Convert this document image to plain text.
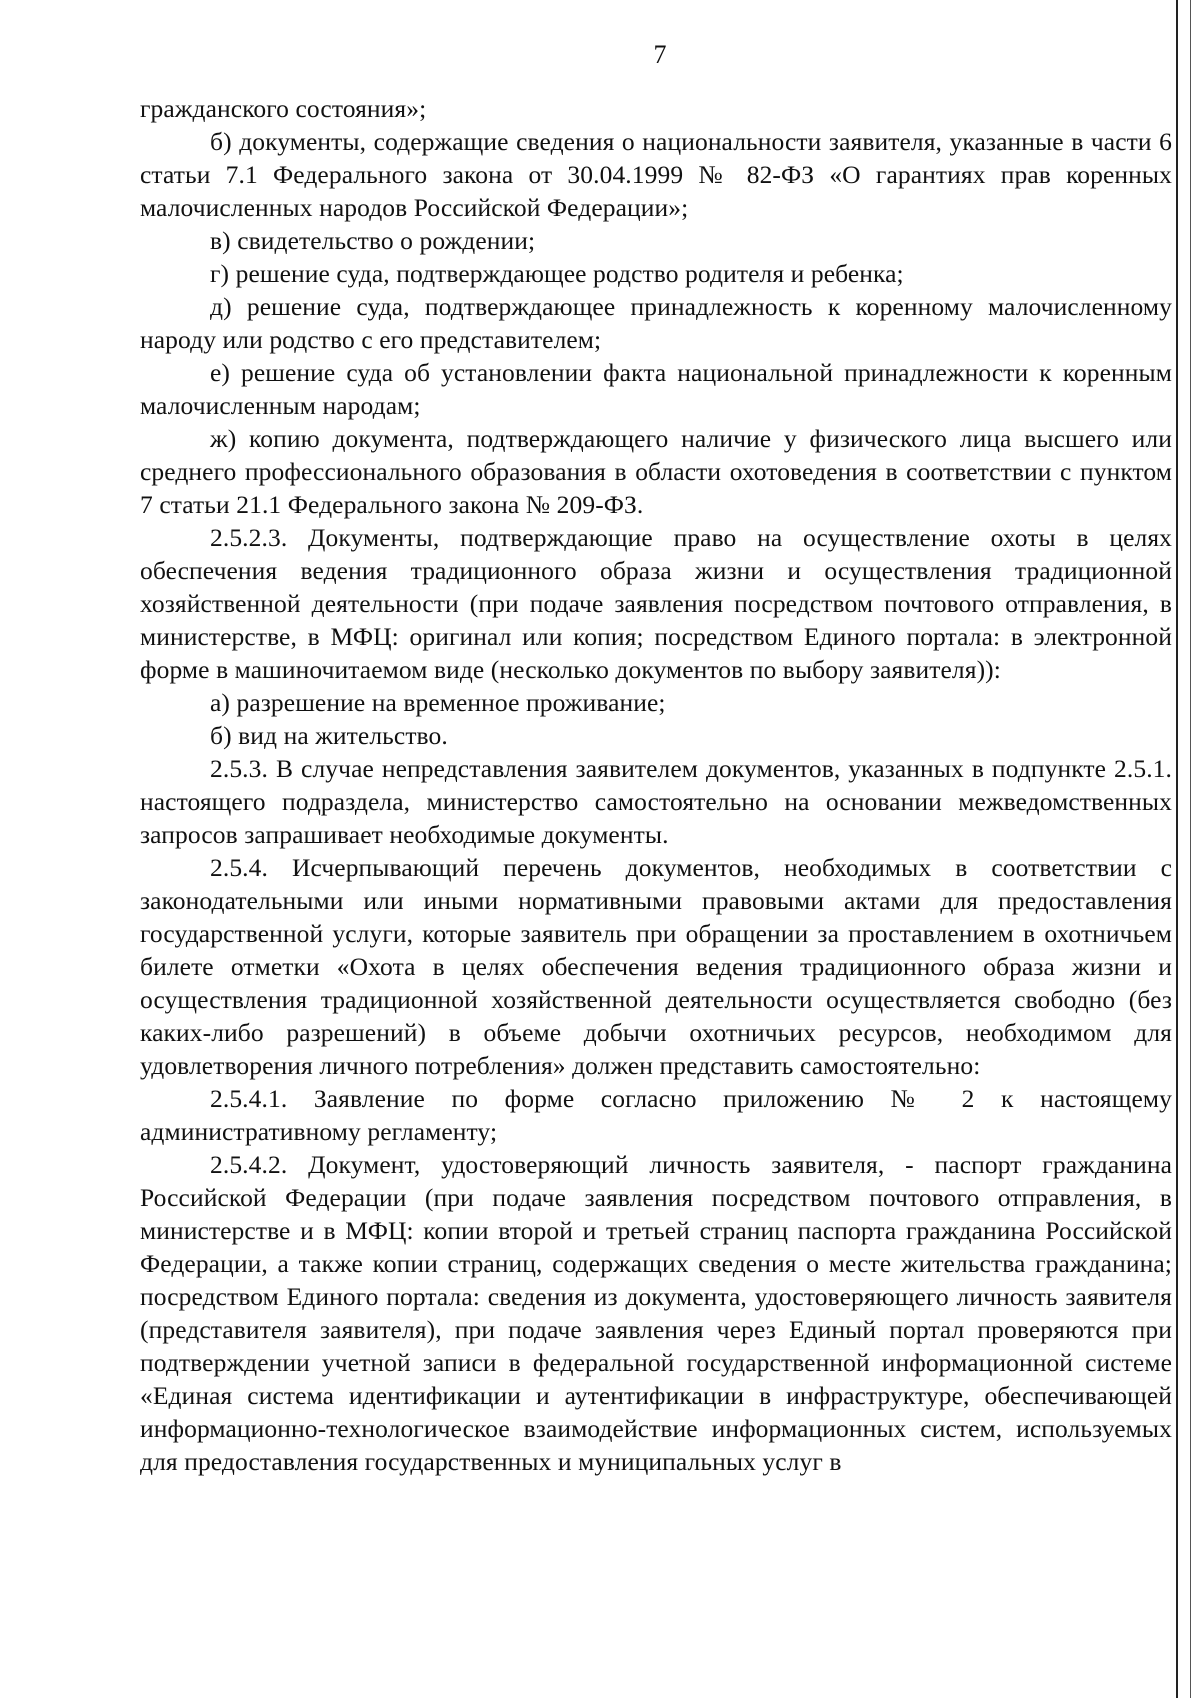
7

гражданского состояния»;

б) документы, содержащие сведения о национальности заявителя, указанные в части 6 статьи 7.1 Федерального закона от 30.04.1999 № 82-ФЗ «О гарантиях прав коренных малочисленных народов Российской Федерации»;

в) свидетельство о рождении;

г) решение суда, подтверждающее родство родителя и ребенка;

д) решение суда, подтверждающее принадлежность к коренному малочисленному народу или родство с его представителем;

е) решение суда об установлении факта национальной принадлежности к коренным малочисленным народам;

ж) копию документа, подтверждающего наличие у физического лица высшего или среднего профессионального образования в области охотоведения в соответствии с пунктом 7 статьи 21.1 Федерального закона № 209-ФЗ.

2.5.2.3. Документы, подтверждающие право на осуществление охоты в целях обеспечения ведения традиционного образа жизни и осуществления традиционной хозяйственной деятельности (при подаче заявления посредством почтового отправления, в министерстве, в МФЦ: оригинал или копия; посредством Единого портала: в электронной форме в машиночитаемом виде (несколько документов по выбору заявителя)):

а) разрешение на временное проживание;

б) вид на жительство.

2.5.3. В случае непредставления заявителем документов, указанных в подпункте 2.5.1. настоящего подраздела, министерство самостоятельно на основании межведомственных запросов запрашивает необходимые документы.

2.5.4. Исчерпывающий перечень документов, необходимых в соответствии с законодательными или иными нормативными правовыми актами для предоставления государственной услуги, которые заявитель при обращении за проставлением в охотничьем билете отметки «Охота в целях обеспечения ведения традиционного образа жизни и осуществления традиционной хозяйственной деятельности осуществляется свободно (без каких-либо разрешений) в объеме добычи охотничьих ресурсов, необходимом для удовлетворения личного потребления» должен представить самостоятельно:

2.5.4.1. Заявление по форме согласно приложению № 2 к настоящему административному регламенту;

2.5.4.2. Документ, удостоверяющий личность заявителя, - паспорт гражданина Российской Федерации (при подаче заявления посредством почтового отправления, в министерстве и в МФЦ: копии второй и третьей страниц паспорта гражданина Российской Федерации, а также копии страниц, содержащих сведения о месте жительства гражданина; посредством Единого портала: сведения из документа, удостоверяющего личность заявителя (представителя заявителя), при подаче заявления через Единый портал проверяются при подтверждении учетной записи в федеральной государственной информационной системе «Единая система идентификации и аутентификации в инфраструктуре, обеспечивающей информационно-технологическое взаимодействие информационных систем, используемых для предоставления государственных и муниципальных услуг в
